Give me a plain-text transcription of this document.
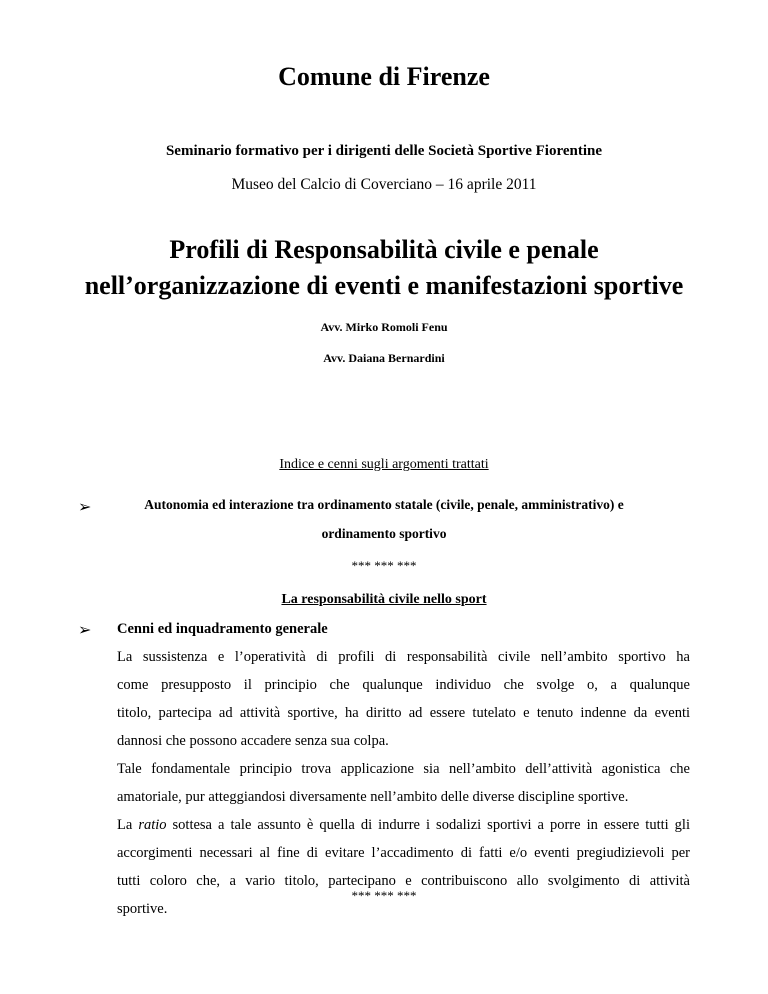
Comune di Firenze
Seminario formativo per i dirigenti delle Società Sportive Fiorentine
Museo del Calcio di Coverciano – 16 aprile 2011
Profili di Responsabilità civile e penale
nell’organizzazione di eventi e manifestazioni sportive
Avv. Mirko Romoli Fenu
Avv. Daiana Bernardini
Indice e cenni sugli argomenti trattati
➢	Autonomia ed interazione tra ordinamento statale (civile, penale, amministrativo) e
ordinamento sportivo
*** *** ***
La responsabilità civile nello sport
➢ Cenni ed inquadramento generale
La sussistenza e l’operatività di profili di responsabilità civile nell’ambito sportivo ha
come presupposto il principio che qualunque individuo che svolge o, a qualunque
titolo, partecipa ad attività sportive, ha diritto ad essere tutelato e tenuto indenne da eventi
dannosi che possono accadere senza sua colpa.
Tale fondamentale principio trova applicazione sia nell’ambito dell’attività agonistica che
amatoriale, pur atteggiandosi diversamente nell’ambito delle diverse discipline sportive.
La ratio sottesa a tale assunto è quella di indurre i sodalizi sportivi a porre in essere tutti gli
accorgimenti necessari al fine di evitare l’accadimento di fatti e/o eventi pregiudizievoli per
tutti coloro che, a vario titolo, partecipano e contribuiscono allo svolgimento di attività
sportive.
*** *** ***
